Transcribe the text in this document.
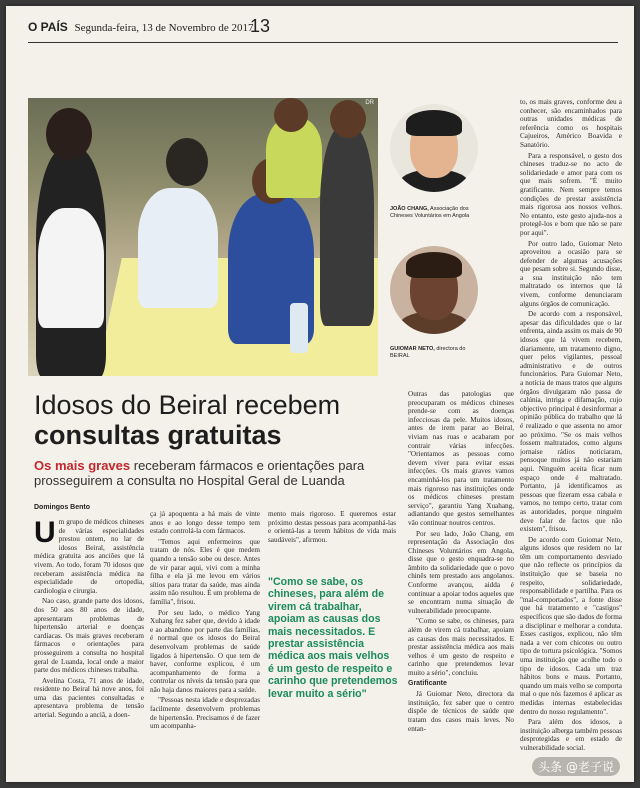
O PAÍS Segunda-feira, 13 de Novembro de 2017
13
DR
JOÃO CHANG, Associação dos Chineses Voluntários em Angola
GUIOMAR NETO, directora do BEIRAL
Idosos do Beiral recebem
consultas gratuitas
Os mais graves receberam fármacos e orientações para prosseguirem a consulta no Hospital Geral de Luanda
Domingos Bento
U m grupo de médicos chineses de várias especialidades prestou ontem, no lar de idosos Beiral, assistência médica gratuita aos anciões que lá vivem. Ao todo, foram 70 idosos que receberam assistência médica na especialidade de ortopedia, cardiologia e cirurgia.

Nao caso, grande parte dos idosos, dos 50 aos 80 anos de idade, apresentaram problemas de hipertensão arterial e doenças cardíacas. Os mais graves receberam fármacos e orientações para prosseguirem a consulta no hospital geral de Luanda, local onde a maior parte dos médicos chineses trabalha.

Avelina Costa, 71 anos de idade, residente no Beiral há nove anos, foi uma das pacientes consultadas e apresentava problema de tensão arterial. Segundo a anciã, a doen-

ça já apoquenta a há mais de vinte anos e ao longo desse tempo tem estado controlá-la com fármacos.

"Temos aqui enfermeiros que tratam de nós. Eles é que medem quando a tensão sobe ou desce. Antes de vir parar aqui, vivi com a minha filha e ela já me levou em vários sítios para tratar da saúde, mas ainda assim não resultou. É um problema de família", frisou.

Por seu lado, o médico Yang Xuhang fez saber que, devido à idade e ao abandono por parte das famílias, é normal que os idosos do Beiral desenvolvam problemas de saúde ligados à hipertensão. O que tem de haver, conforme explicou, é um acompanhamento de forma a controlar os níveis da tensão para que não haja danos maiores para a saúde.

"Pessoas nesta idade e desprezadas facilmente desenvolvem problemas de hipertensão. Precisamos é de fazer um acompanha-

mento mais rigoroso. E queremos estar próximo destas pessoas para acompanhá-las e orientá-las a terem hábitos de vida mais saudáveis", afirmou.

"Como se sabe, os chineses, para além de virem cá trabalhar, apoiam as causas dos mais necessitados. E prestar assistência médica aos mais velhos é um gesto de respeito e carinho que pretendemos levar muito a sério"

Outras das patologias que preocuparam os médicos chineses prende-se com as doenças infecciosas da pele. Muitos idosos, antes de irem parar ao Beiral, viviam nas ruas e acabaram por contrair várias infecções. "Orientamos as pessoas como devem viver para evitar essas infecções. Os mais graves vamos encaminhá-los para um tratamento mais rigoroso nas instituições onde os médicos chineses prestam serviço", garantiu Yang Xuahang, adiantando que gestos semelhantes vão continuar noutros centros.

Por seu lado, João Chang, em representação da Associação dos Chineses Voluntários em Angola, disse que o gesto enquadra-se no âmbito da solidariedade que o povo chinês tem prestado aos angolanos. Conforme avançou, aidda é continuar a apoiar todos aqueles que se encontram numa situação de vulnerabilidade preocupante.

"Como se sabe, os chineses, para além de virem cá trabalhar, apoiam as causas dos mais necessitados. E prestar assistência médica aos mais velhos é um gesto de respeito e carinho que pretendemos levar muito a sério", concluiu.

Gratificante

Já Guiomar Neto, directora da instituição, fez saber que o centro dispõe de técnicos de saúde que tratam dos casos mais leves. No entan-

to, os mais graves, conforme deu a conhecer, são encaminhados para outras unidades médicas de referência como os hospitais Cajueiros, Américo Boavida e Sanatório.

Para a responsável, o gesto dos chineses traduz-se no acto de solidariedade e amor para com os que mais sofrem. "É muito gratificante. Nem sempre temos condições de prestar assistência mais rigorosa aos nossos velhos. No entanto, este gesto ajuda-nos a protegê-los e bom que não se pare por aqui".

Por outro lado, Guiomar Neto aproveitou a ocasião para se defender de algumas acusações que pesam sobre si. Segundo disse, a sua instituição não tem maltratado os internos que lá vivem, conforme denunciaram alguns órgãos de comunicação.

De acordo com a responsável, apesar das dificuldades que o lar enfrenta, ainda assim os mais de 90 idosos que lá vivem recebem, diariamente, um tratamento digno, quer pelos vigilantes, pessoal administrativo e de outros funcionários. Para Guiomar Neto, a notícia de maus tratos que alguns órgãos divulgaram não passa de calúnia, intriga e difamação, cujo objectivo principal é desinformar a opinião pública do trabalho que lá é realizado e que assenta no amor ao próximo. "Se os mais velhos fossem maltratados, como alguns jornaise rádios noticiaram, pensoque muitos já não estariam aqui. Ninguém aceita ficar num espaço onde é maltratado. Portanto, já identificamos as pessoas que fizeram essa cabala e vamos, no tempo certo, tratar com as autoridades, porque ninguém deve falar de factos que não existem", frisou.

De acordo com Guiomar Neto, alguns idosos que residem no lar têm um comportamento desviado que não reflecte os princípios da instituição que se baseia no respeito, solidariedade, responsabilidade e partilha. Para os "mal-comportados", a fonte disse que há tratamento e "castigos" específicos que são dados de forma a disciplinar e melhorar a conduta. Esses castigos, explicou, não têm nada a ver com chicotes ou outro tipo de tortura psicológica. "Somos uma instituição que acolhe todo o tipo de idosos. Cada um traz hábitos bons e maus. Portanto, quando um mais velho se comporta mal o que nós fazemos é aplicar as medidas internas estabelecidas dentro do nosso regulamento".

Para além dos idosos, a instituição alberga também pessoas desprotegidas e em estado de vulnerabilidade social.

头条 @老子说
